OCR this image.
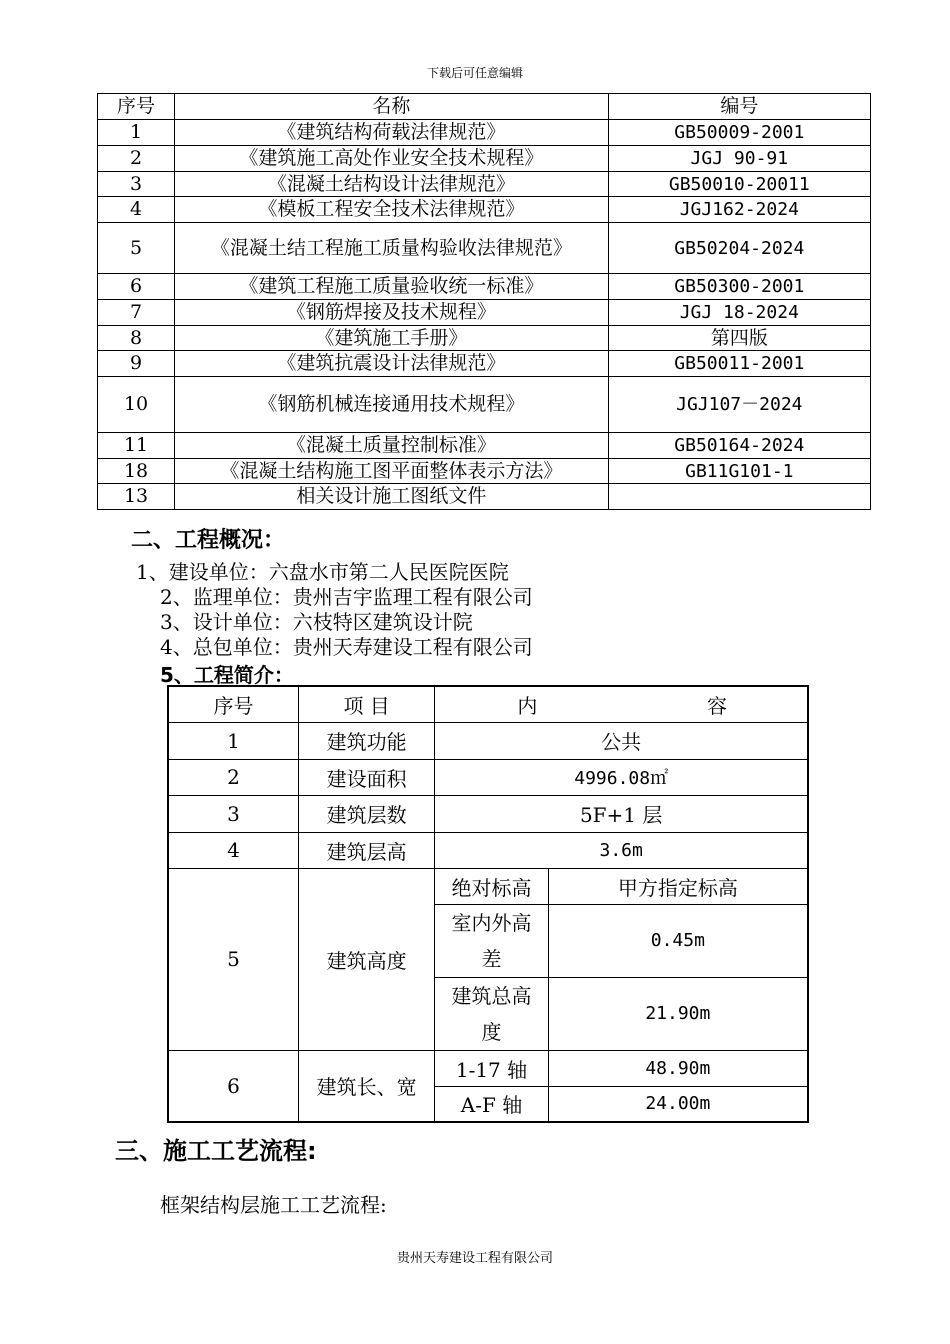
下载后可任意编辑
序号	名称	编号
1	《建筑结构荷载法律规范》	GB50009-2001
2	《建筑施工高处作业安全技术规程》	JGJ 90-91
3	《混凝土结构设计法律规范》	GB50010-20011
4	《模板工程安全技术法律规范》	JGJ162-2024
5	《混凝土结工程施工质量构验收法律规范》	GB50204-2024
6	《建筑工程施工质量验收统一标准》	GB50300-2001
7	《钢筋焊接及技术规程》	JGJ 18-2024
8	《建筑施工手册》	第四版
9	《建筑抗震设计法律规范》	GB50011-2001
10	《钢筋机械连接通用技术规程》	JGJ107－2024
11	《混凝土质量控制标准》	GB50164-2024
18	《混凝土结构施工图平面整体表示方法》	GB11G101-1
13	相关设计施工图纸文件	
二、工程概况：
1、建设单位：六盘水市第二人民医院医院
2、监理单位：贵州吉宇监理工程有限公司
3、设计单位：六枝特区建筑设计院
4、总包单位：贵州天寿建设工程有限公司
5、工程简介：
序号	项 目	内 容	

1	建筑功能	公共	
2	建设面积	4996.08㎡	
3	建筑层数	5F+1 层	
4	建筑层高	3.6m	
5	建筑高度	绝对标高	甲方指定标高
		室内外高差	0.45m
		建筑总高度	21.90m
6	建筑长、宽	1-17 轴	48.90m
		A-F 轴	24.00m
三、施工工艺流程:
框架结构层施工工艺流程:
贵州天寿建设工程有限公司
